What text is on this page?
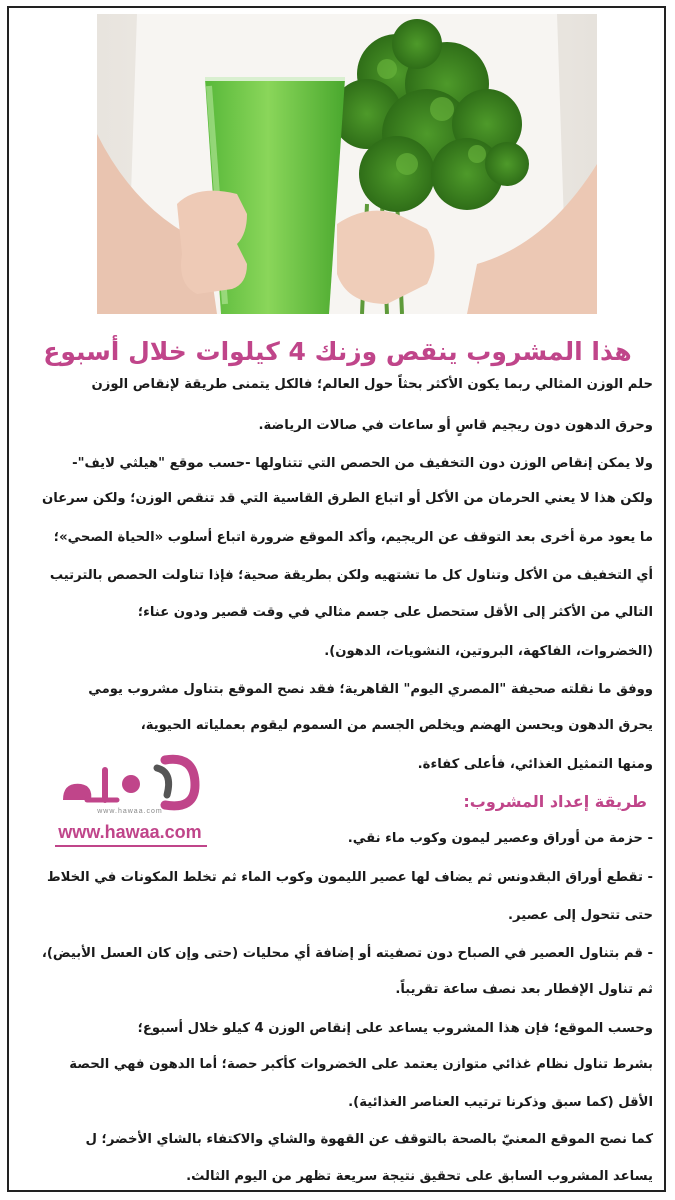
هذا المشروب ينقص وزنك 4 كيلوات خلال أسبوع
حلم الوزن المثالي ربما يكون الأكثر بحثاً حول العالم؛ فالكل يتمنى طريقة لإنقاص الوزن
وحرق الدهون دون ريجيم قاسٍ أو ساعات في صالات الرياضة.
ولا يمكن إنقاص الوزن دون التخفيف من الحصص التي تتناولها -حسب موقع "هيلثي لايف"-
ولكن هذا لا يعني الحرمان من الأكل أو اتباع الطرق القاسية التي قد تنقص الوزن؛ ولكن سرعان
ما يعود مرة أخرى بعد التوقف عن الريجيم، وأكد الموقع ضرورة اتباع أسلوب «الحياة الصحي»؛
أي التخفيف من الأكل وتناول كل ما تشتهيه ولكن بطريقة صحية؛ فإذا تناولت الحصص بالترتيب
التالي من الأكثر إلى الأقل ستحصل على جسم مثالي في وقت قصير ودون عناء؛
(الخضروات، الفاكهة، البروتين، النشويات، الدهون).
ووفق ما نقلته صحيفة "المصري اليوم" القاهرية؛ فقد نصح الموقع بتناول مشروب يومي
يحرق الدهون ويحسن الهضم ويخلص الجسم من السموم ليقوم بعملياته الحيوية،
ومنها التمثيل الغذائي، فأعلى كفاءة.
www.hawaa.com
www.hawaa.com
طريقة إعداد المشروب:
- حزمة من أوراق وعصير ليمون وكوب ماء نقي.
- تقطع أوراق البقدونس ثم يضاف لها عصير الليمون وكوب الماء ثم تخلط المكونات في الخلاط
حتى تتحول إلى عصير.
- قم بتناول العصير في الصباح دون تصفيته أو إضافة أي محليات (حتى وإن كان العسل الأبيض)،
ثم تناول الإفطار بعد نصف ساعة تقريباً.
وحسب الموقع؛ فإن هذا المشروب يساعد على إنقاص الوزن 4 كيلو خلال أسبوع؛
بشرط تناول نظام غذائي متوازن يعتمد على الخضروات كأكبر حصة؛ أما الدهون فهي الحصة
الأقل (كما سبق وذكرنا ترتيب العناصر الغذائية).
كما نصح الموقع المعنيّ بالصحة بالتوقف عن القهوة والشاي والاكتفاء بالشاي الأخضر؛ ل
يساعد المشروب السابق على تحقيق نتيجة سريعة تظهر من اليوم الثالث.
